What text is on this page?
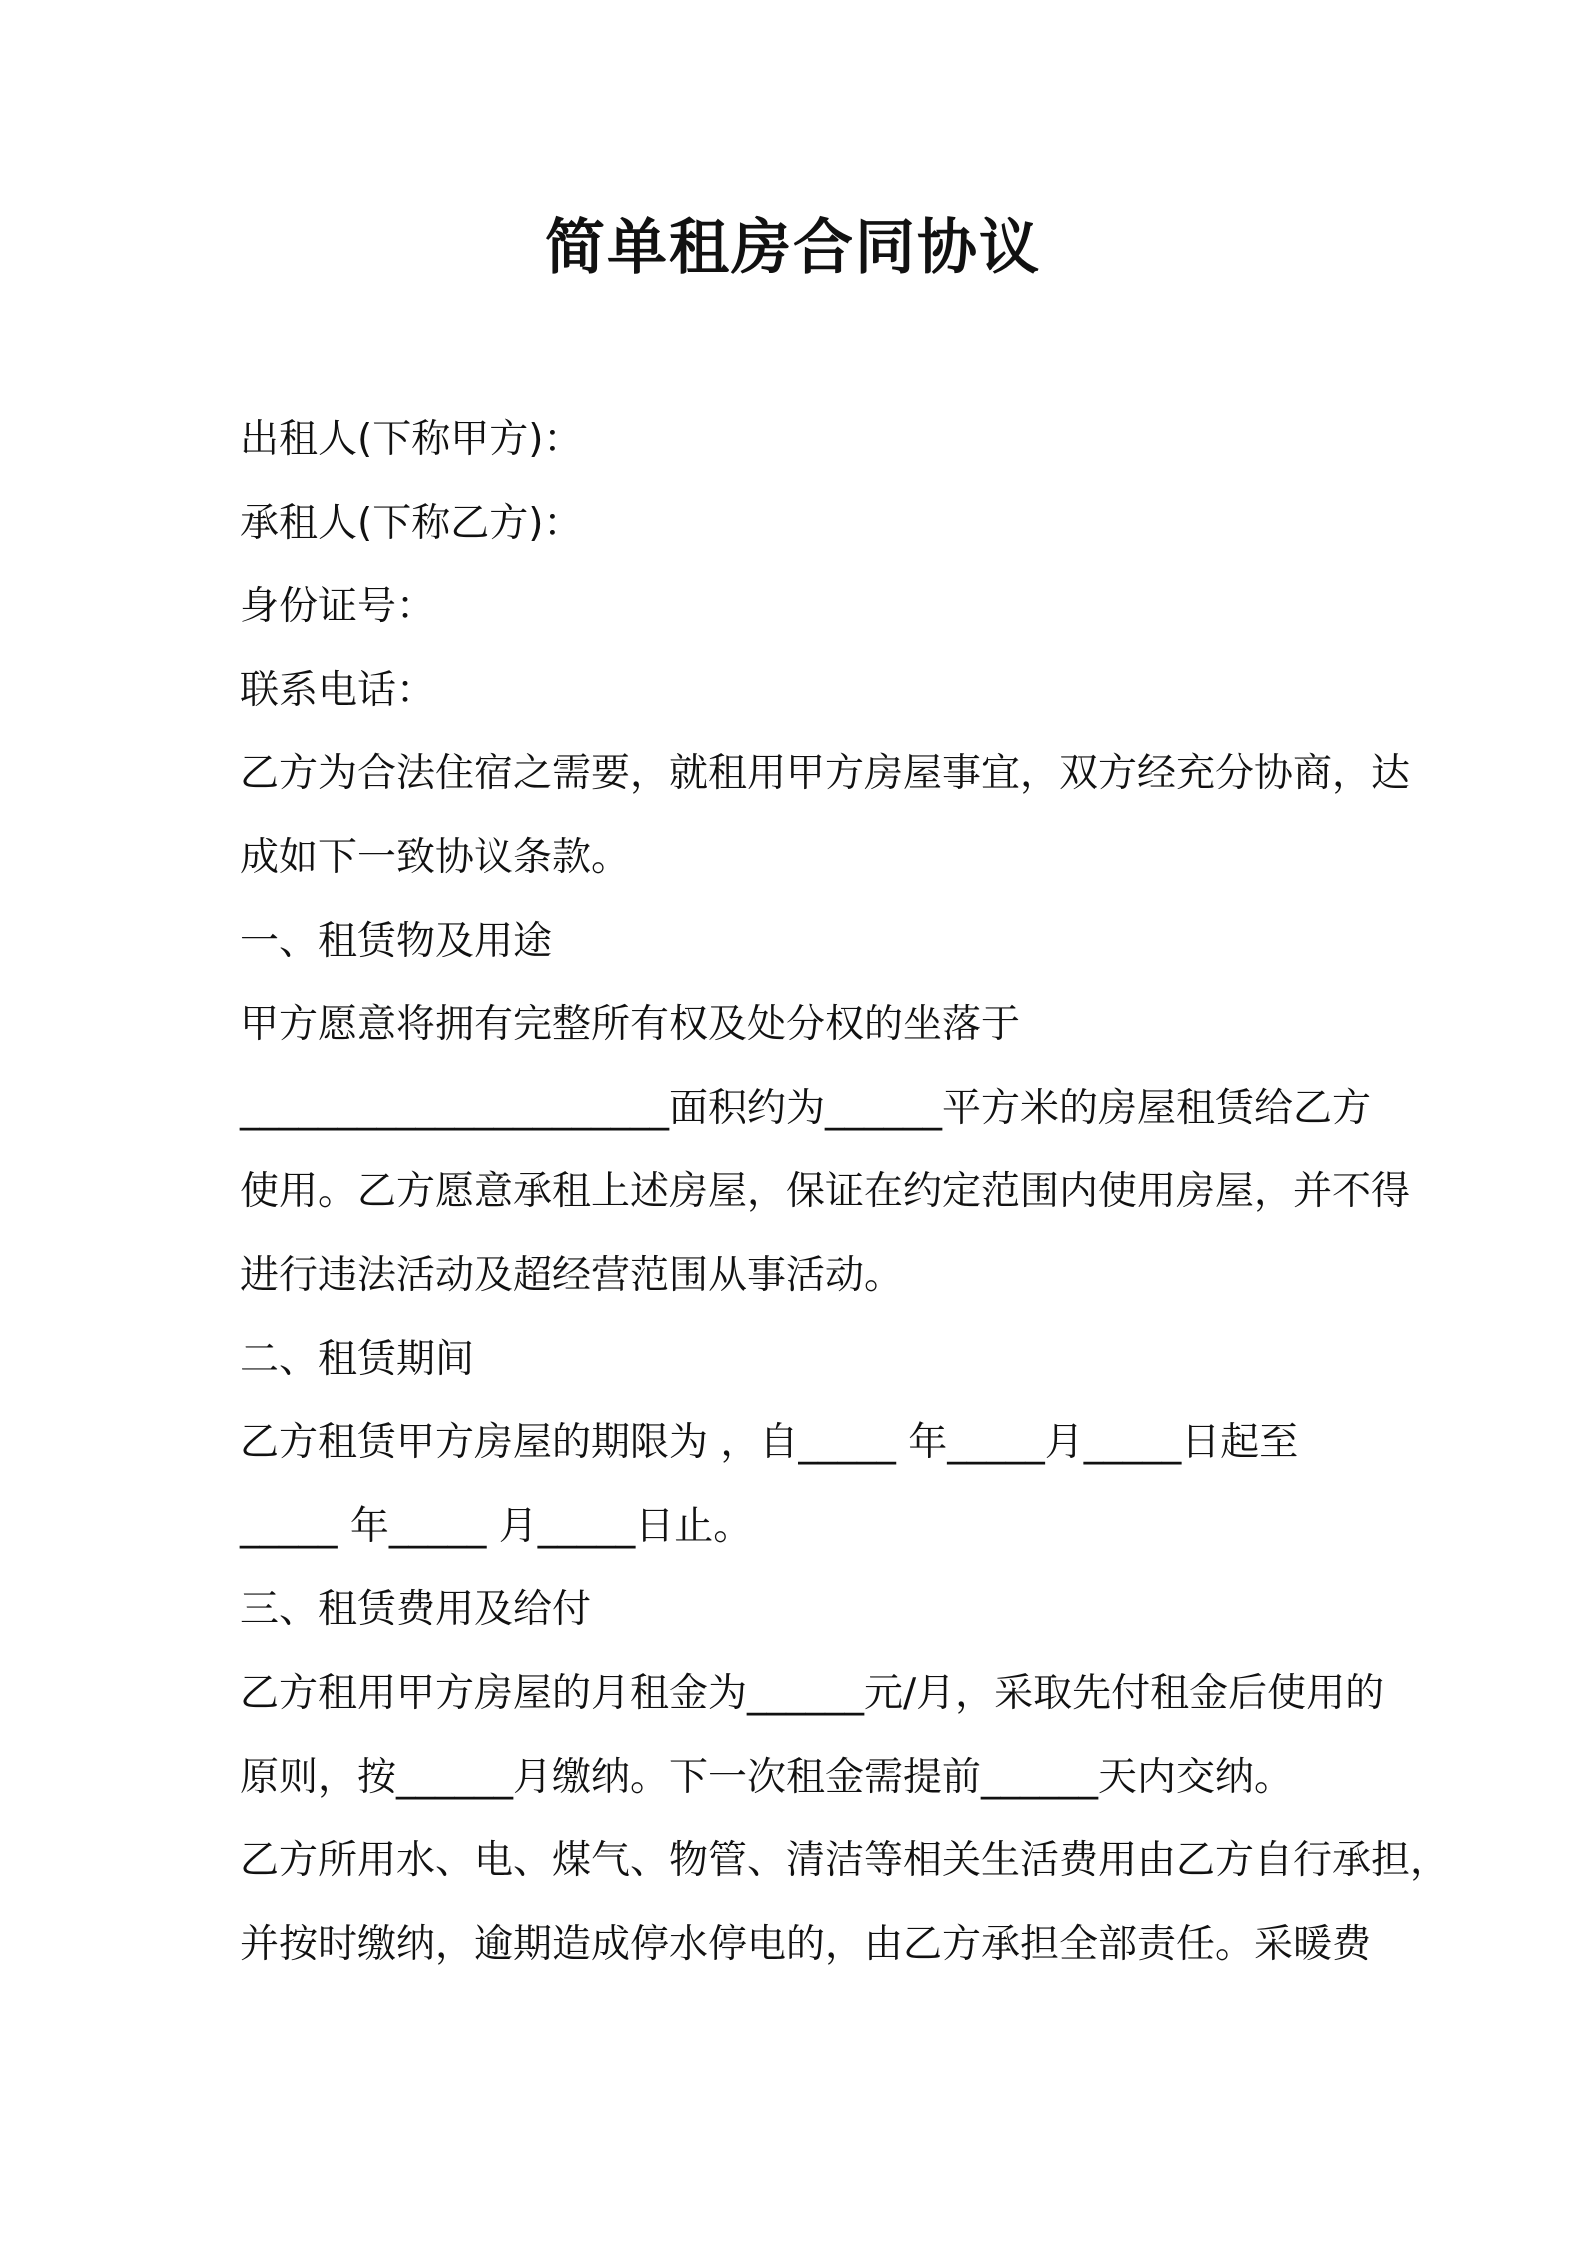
简单租房合同协议
出租人(下称甲方)：
承租人(下称乙方)：
身份证号：
联系电话：
乙方为合法住宿之需要，就租用甲方房屋事宜，双方经充分协商，达
成如下一致协议条款。
一、租赁物及用途
甲方愿意将拥有完整所有权及处分权的坐落于
______________________面积约为______平方米的房屋租赁给乙方
使用。乙方愿意承租上述房屋，保证在约定范围内使用房屋，并不得
进行违法活动及超经营范围从事活动。
二、租赁期间
乙方租赁甲方房屋的期限为 ，自_____ 年_____月_____日起至
_____ 年_____ 月_____日止。
三、租赁费用及给付
乙方租用甲方房屋的月租金为______元/月，采取先付租金后使用的
原则，按______月缴纳。下一次租金需提前______天内交纳。
乙方所用水、电、煤气、物管、清洁等相关生活费用由乙方自行承担，
并按时缴纳，逾期造成停水停电的，由乙方承担全部责任。采暖费
